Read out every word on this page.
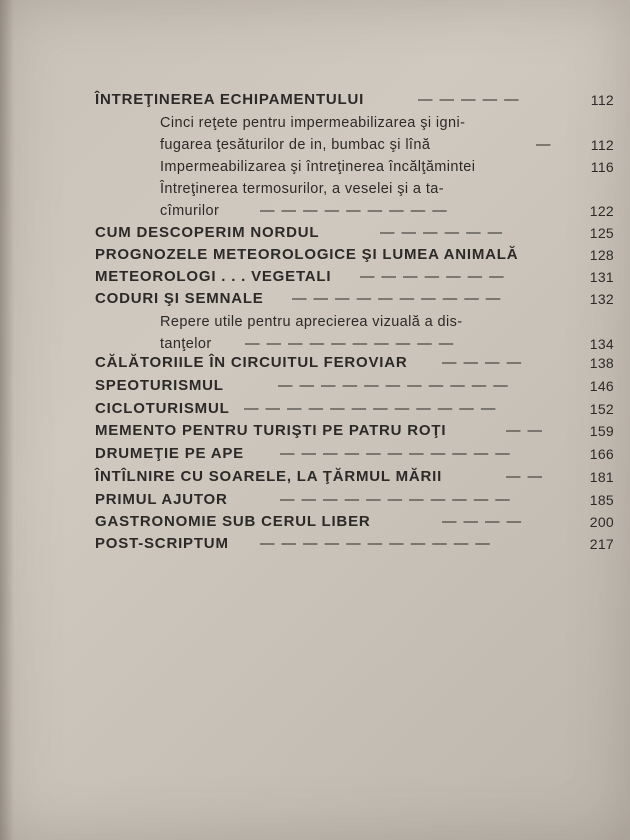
ÎNTREŢINEREA ECHIPAMENTULUI	— — — — —	112
Cinci reţete pentru impermeabilizarea şi igni-
fugarea ţesăturilor de in, bumbac şi lînă	—	112
Impermeabilizarea şi întreţinerea încălţămintei	116
Întreţinerea termosurilor, a veselei şi a ta-
cîmurilor	— — — — — — — — —	122
CUM DESCOPERIM NORDUL	— — — — — —	125
PROGNOZELE METEOROLOGICE ŞI LUMEA ANIMALĂ	128
METEOROLOGI . . . VEGETALI — — — — — — —	131
CODURI ŞI SEMNALE — — — — — — — — — —	132
Repere utile pentru aprecierea vizuală a dis-
tanţelor — — — — — — — — — —	134
CĂLĂTORIILE ÎN CIRCUITUL FEROVIAR — — — —	138
SPEOTURISMUL	— — — — — — — — — — —	146
CICLOTURISMUL — — — — — — — — — — — —	152
MEMENTO PENTRU TURIŞTI PE PATRU ROŢI	— —	159
DRUMEŢIE PE APE — — — — — — — — — — —	166
ÎNTÎLNIRE CU SOARELE, LA ŢĂRMUL MĂRII	— —	181
PRIMUL AJUTOR	— — — — — — — — — — —	185
GASTRONOMIE SUB CERUL LIBER	— — — —	200
POST-SCRIPTUM — — — — — — — — — — —	217
